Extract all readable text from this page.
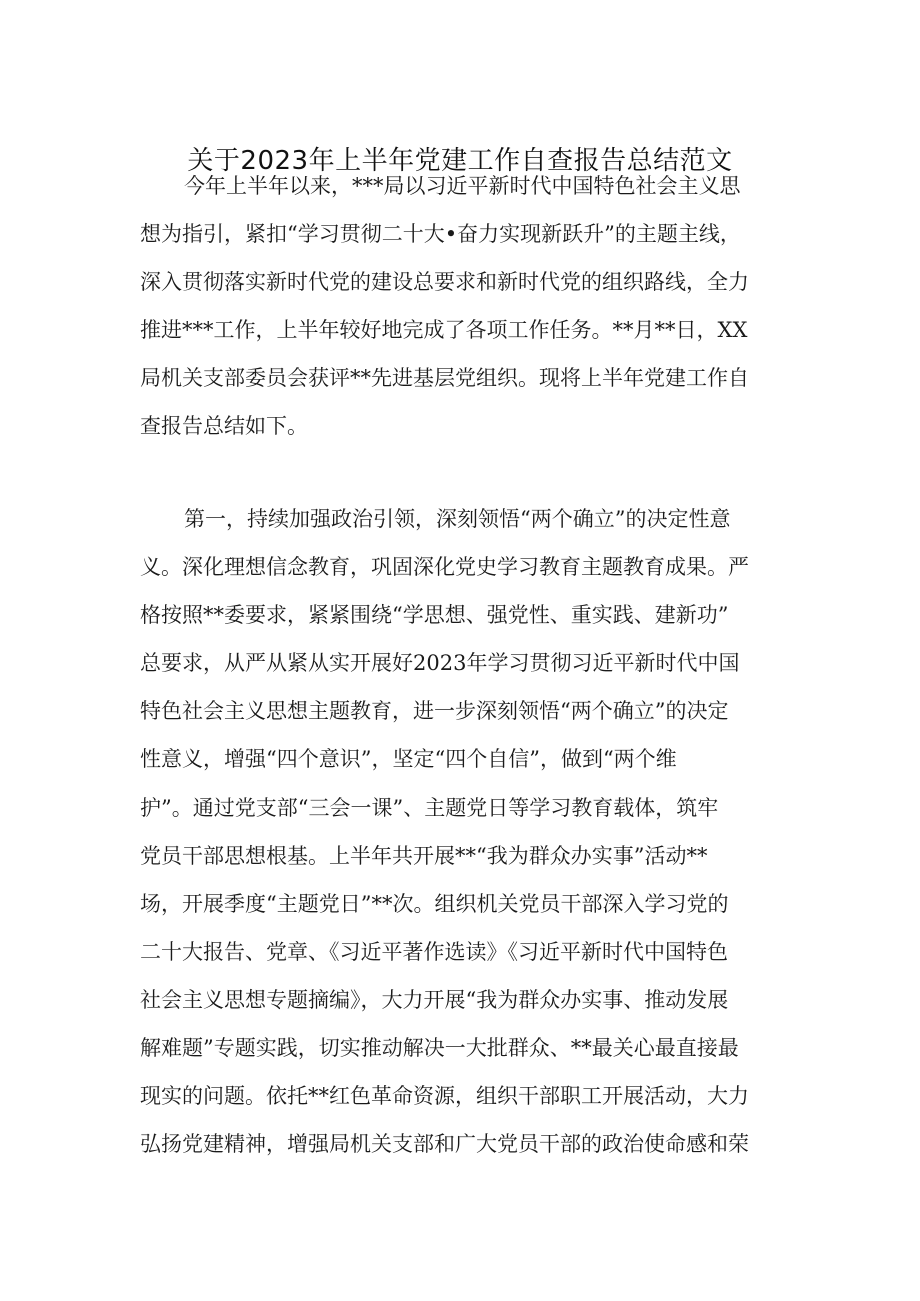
关于2023年上半年党建工作自查报告总结范文
今年上半年以来，***局以习近平新时代中国特色社会主义思
想为指引，紧扣“学习贯彻二十大•奋力实现新跃升”的主题主线，
深入贯彻落实新时代党的建设总要求和新时代党的组织路线，全力
推进***工作，上半年较好地完成了各项工作任务。**月**日，XX
局机关支部委员会获评**先进基层党组织。现将上半年党建工作自
查报告总结如下。
第一，持续加强政治引领，深刻领悟“两个确立”的决定性意
义。深化理想信念教育，巩固深化党史学习教育主题教育成果。严
格按照**委要求，紧紧围绕“学思想、强党性、重实践、建新功”
总要求，从严从紧从实开展好2023年学习贯彻习近平新时代中国
特色社会主义思想主题教育，进一步深刻领悟“两个确立”的决定
性意义，增强“四个意识”，坚定“四个自信”，做到“两个维
护”。通过党支部“三会一课”、主题党日等学习教育载体，筑牢
党员干部思想根基。上半年共开展**“我为群众办实事”活动**
场，开展季度“主题党日”**次。组织机关党员干部深入学习党的
二十大报告、党章、《习近平著作选读》《习近平新时代中国特色
社会主义思想专题摘编》，大力开展“我为群众办实事、推动发展
解难题”专题实践，切实推动解决一大批群众、**最关心最直接最
现实的问题。依托**红色革命资源，组织干部职工开展活动，大力
弘扬党建精神，增强局机关支部和广大党员干部的政治使命感和荣
